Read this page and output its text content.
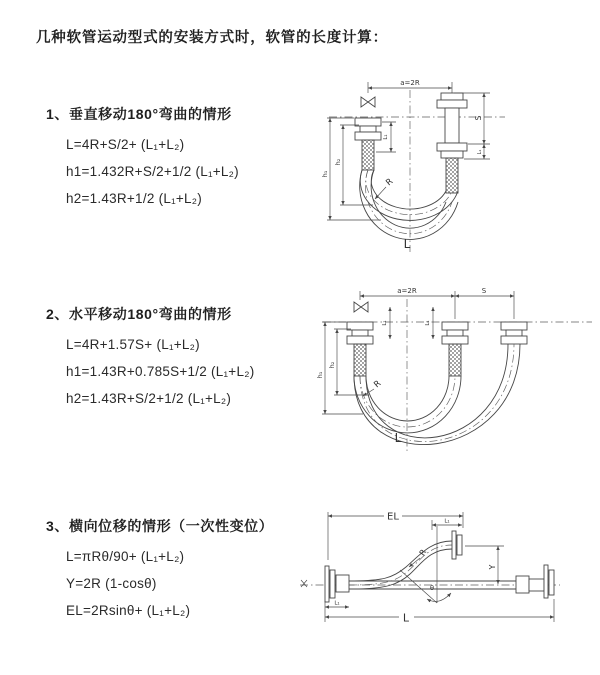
几种软管运动型式的安装方式时，软管的长度计算：
1、垂直移动180°弯曲的情形
L=4R+S/2+ (L₁+L₂)
h1=1.432R+S/2+1/2 (L₁+L₂)
h2=1.43R+1/2 (L₁+L₂)
2、水平移动180°弯曲的情形
L=4R+1.57S+ (L₁+L₂)
h1=1.43R+0.785S+1/2 (L₁+L₂)
h2=1.43R+S/2+1/2 (L₁+L₂)
3、横向位移的情形（一次性变位）
L=πRθ/90+ (L₁+L₂)
Y=2R (1-cosθ)
EL=2Rsinθ+ (L₁+L₂)
a=2R
L₁
S
L₁
h₁
h₂
R
L
a=2R	S
L₁	L₁
h₁
h₂
R
L
EL	L₁
Y
θ
R
L₁
L
